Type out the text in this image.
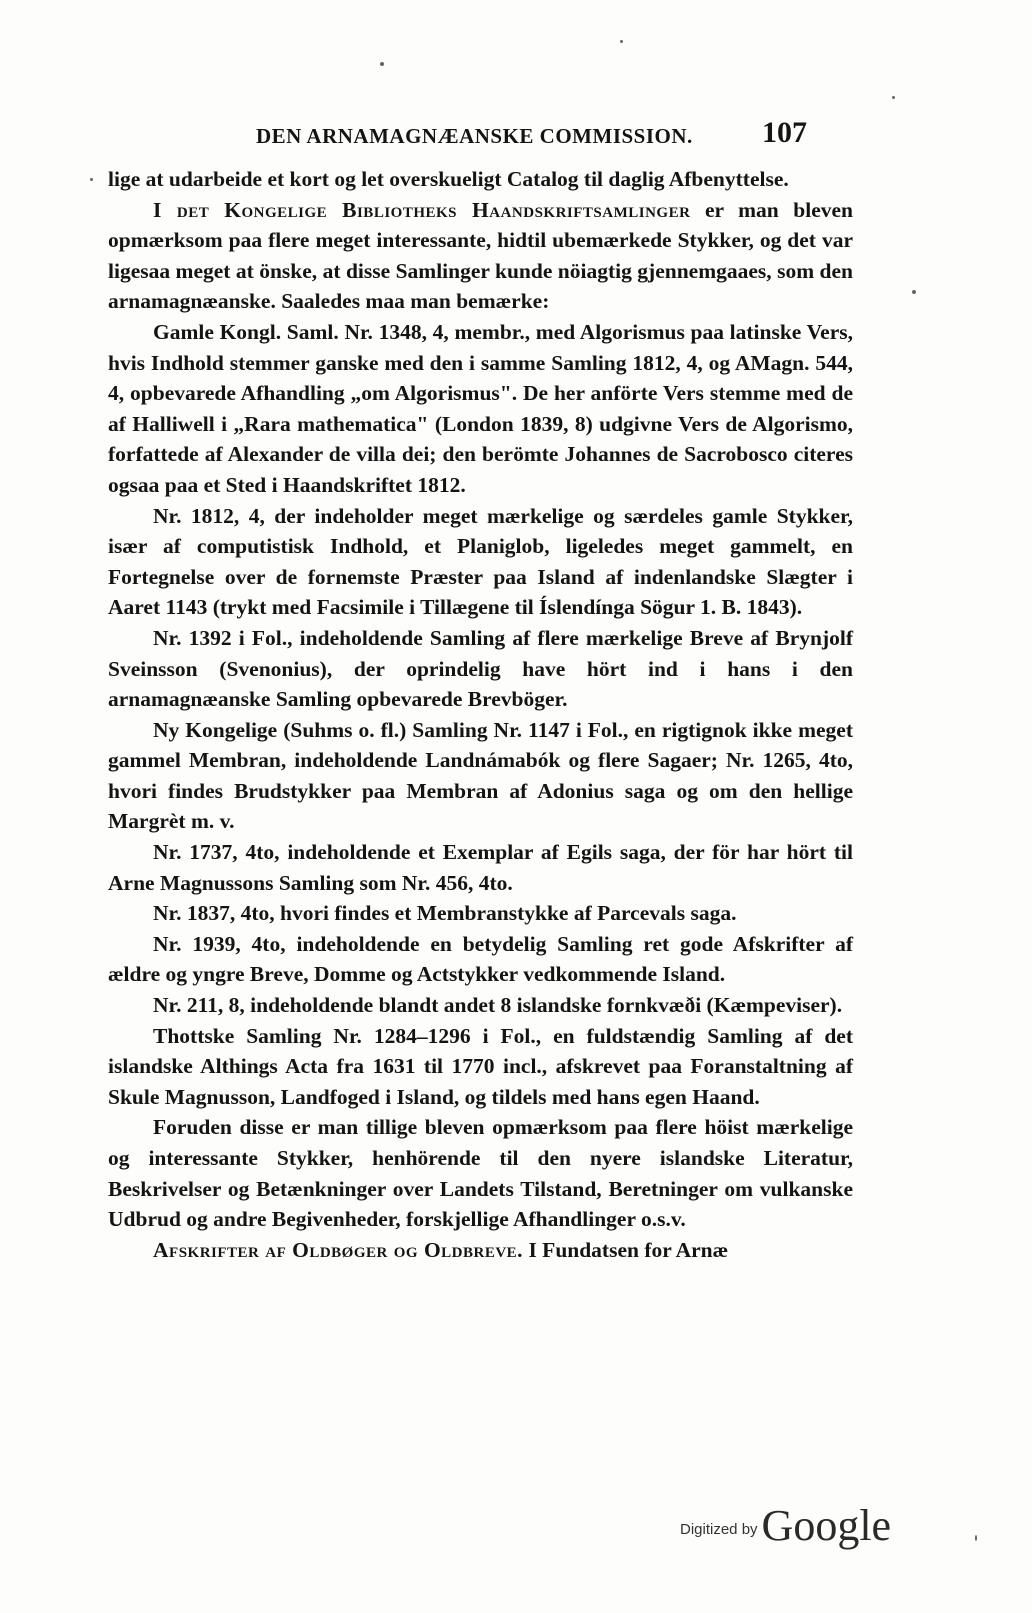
DEN ARNAMAGNÆANSKE COMMISSION. 107

lige at udarbeide et kort og let overskueligt Catalog til daglig Afbenyttelse.

I det Kongelige Bibliotheks Haandskriftsamlinger er man bleven opmærksom paa flere meget interessante, hidtil ubemærkede Stykker, og det var ligesaa meget at önske, at disse Samlinger kunde nöiagtig gjennemgaaes, som den arnamagnæanske. Saaledes maa man bemærke:

Gamle Kongl. Saml. Nr. 1348, 4, membr., med Algorismus paa latinske Vers, hvis Indhold stemmer ganske med den i samme Samling 1812, 4, og AMagn. 544, 4, opbevarede Afhandling „om Algorismus". De her anförte Vers stemme med de af Halliwell i „Rara mathematica" (London 1839, 8) udgivne Vers de Algorismo, forfattede af Alexander de villa dei; den berömte Johannes de Sacrobosco citeres ogsaa paa et Sted i Haandskriftet 1812.

Nr. 1812, 4, der indeholder meget mærkelige og særdeles gamle Stykker, især af computistisk Indhold, et Planiglob, ligeledes meget gammelt, en Fortegnelse over de fornemste Præster paa Island af indenlandske Slægter i Aaret 1143 (trykt med Facsimile i Tillægene til Íslendínga Sögur 1. B. 1843).

Nr. 1392 i Fol., indeholdende Samling af flere mærkelige Breve af Brynjolf Sveinsson (Svenonius), der oprindelig have hört ind i hans i den arnamagnæanske Samling opbevarede Brevböger.

Ny Kongelige (Suhms o. fl.) Samling Nr. 1147 i Fol., en rigtignok ikke meget gammel Membran, indeholdende Landnámabók og flere Sagaer; Nr. 1265, 4to, hvori findes Brudstykker paa Membran af Adonius saga og om den hellige Margrèt m. v.

Nr. 1737, 4to, indeholdende et Exemplar af Egils saga, der för har hört til Arne Magnussons Samling som Nr. 456, 4to.

Nr. 1837, 4to, hvori findes et Membranstykke af Parcevals saga.

Nr. 1939, 4to, indeholdende en betydelig Samling ret gode Afskrifter af ældre og yngre Breve, Domme og Actstykker vedkommende Island.

Nr. 211, 8, indeholdende blandt andet 8 islandske fornkvæði (Kæmpeviser).

Thottske Samling Nr. 1284–1296 i Fol., en fuldstændig Samling af det islandske Althings Acta fra 1631 til 1770 incl., afskrevet paa Foranstaltning af Skule Magnusson, Landfoged i Island, og tildels med hans egen Haand.

Foruden disse er man tillige bleven opmærksom paa flere höist mærkelige og interessante Stykker, henhörende til den nyere islandske Literatur, Beskrivelser og Betænkninger over Landets Tilstand, Beretninger om vulkanske Udbrud og andre Begivenheder, forskjellige Afhandlinger o.s.v.

Afskrifter af Oldbøger og Oldbreve. I Fundatsen for Arnæ

Digitized by Google
